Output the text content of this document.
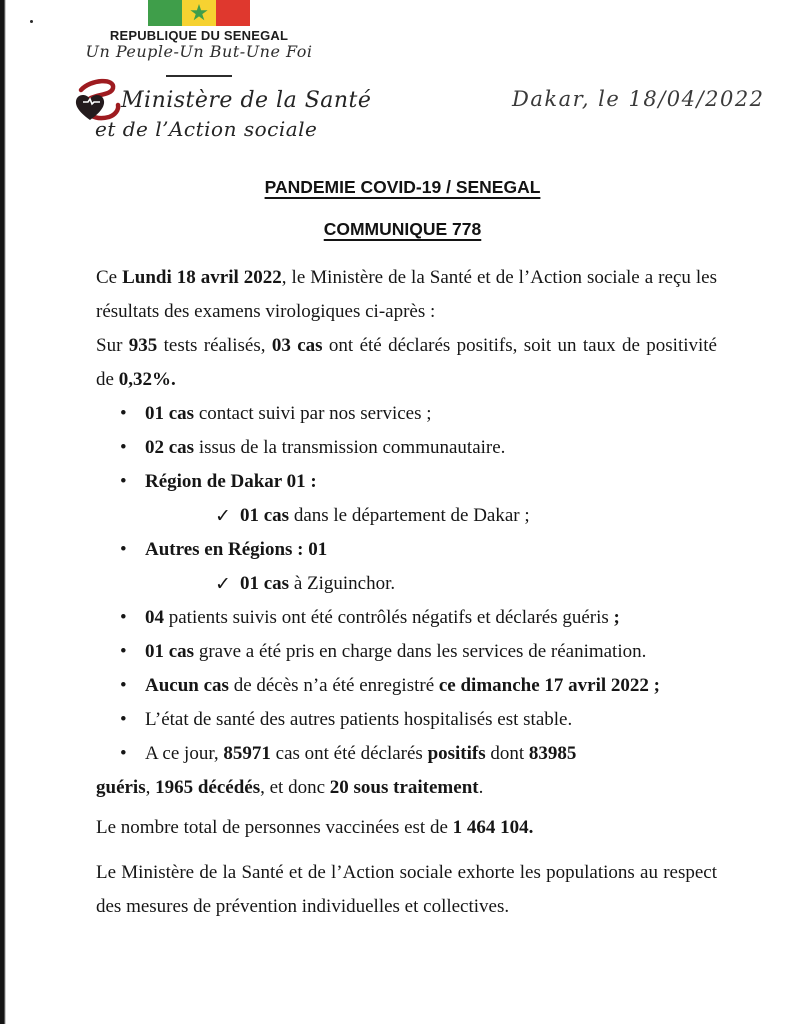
REPUBLIQUE DU SENEGAL
Un Peuple-Un But-Une Foi
Ministère de la Santé
et de l’Action sociale
Dakar, le 18/04/2022
PANDEMIE COVID-19 / SENEGAL
COMMUNIQUE 778
Ce Lundi 18 avril 2022, le Ministère de la Santé et de l’Action sociale a reçu les résultats des examens virologiques ci-après :
Sur 935 tests réalisés, 03 cas ont été déclarés positifs, soit un taux de positivité de 0,32%.
• 01 cas contact suivi par nos services ;
• 02 cas issus de la transmission communautaire.
• Région de Dakar 01 :
✓ 01 cas dans le département de Dakar ;
• Autres en Régions : 01
✓ 01 cas à Ziguinchor.
• 04 patients suivis ont été contrôlés négatifs et déclarés guéris ;
• 01 cas grave a été pris en charge dans les services de réanimation.
• Aucun cas de décès n’a été enregistré ce dimanche 17 avril 2022 ;
• L’état de santé des autres patients hospitalisés est stable.
• A ce jour, 85971 cas ont été déclarés positifs dont 83985
guéris, 1965 décédés, et donc 20 sous traitement.
Le nombre total de personnes vaccinées est de 1 464 104.
Le Ministère de la Santé et de l’Action sociale exhorte les populations au respect des mesures de prévention individuelles et collectives.
